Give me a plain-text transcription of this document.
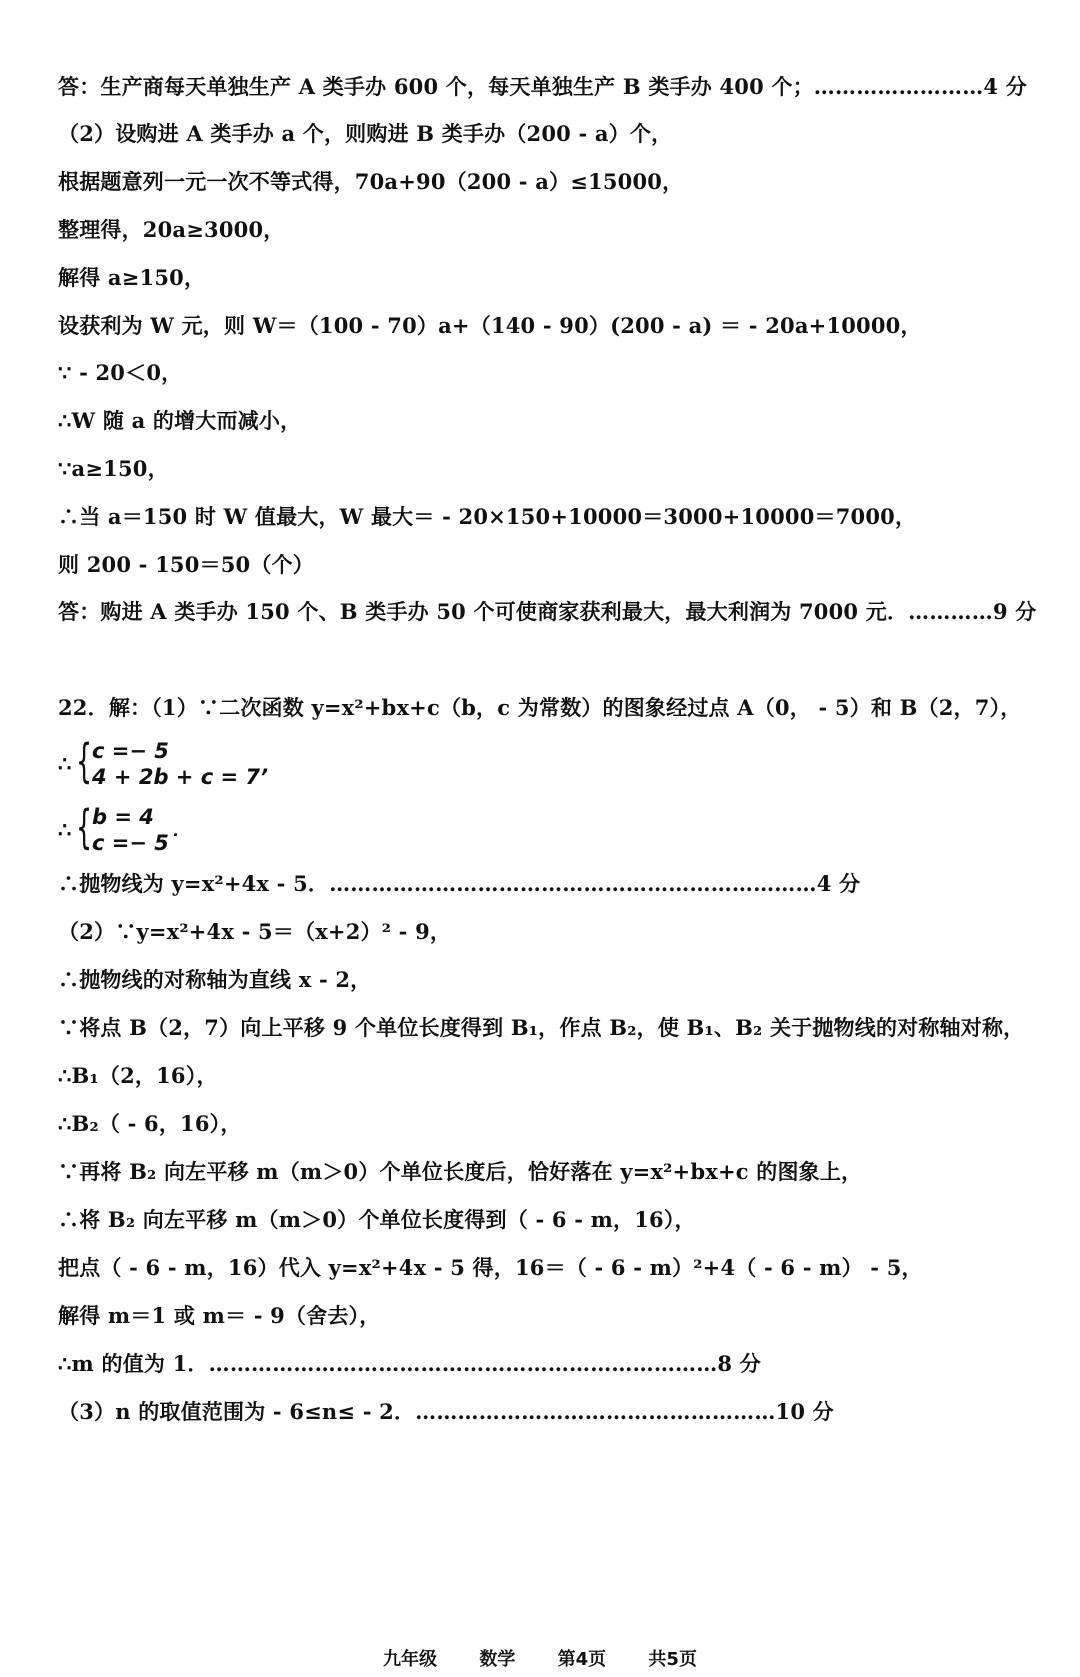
答：生产商每天单独生产 A 类手办 600 个，每天单独生产 B 类手办 400 个；……………………4 分
（2）设购进 A 类手办 a 个，则购进 B 类手办（200 - a）个，
根据题意列一元一次不等式得，70a+90（200 - a）≤15000，
整理得，20a≥3000，
解得 a≥150，
设获利为 W 元，则 W＝（100 - 70）a+（140 - 90）(200 - a) ＝ - 20a+10000，
∵ - 20＜0，
∴W 随 a 的增大而减小，
∵a≥150，
∴当 a＝150 时 W 值最大，W 最大＝ - 20×150+10000＝3000+10000＝7000，
则 200 - 150＝50（个）
答：购进 A 类手办 150 个、B 类手办 50 个可使商家获利最大，最大利润为 7000 元．…………9 分
22．解：（1）∵二次函数 y=x²+bx+c（b，c 为常数）的图象经过点 A（0， - 5）和 B（2，7），
∴ { c =− 5
4 + 2b + c = 7’
∴ { b = 4
c =− 5˙
∴抛物线为 y=x²+4x - 5．……………………………………………………………4 分
（2）∵y=x²+4x - 5＝（x+2）² - 9，
∴抛物线的对称轴为直线 x - 2，
∵将点 B（2，7）向上平移 9 个单位长度得到 B₁，作点 B₂，使 B₁、B₂ 关于抛物线的对称轴对称，
∴B₁（2，16），
∴B₂（ - 6，16），
∵再将 B₂ 向左平移 m（m＞0）个单位长度后，恰好落在 y=x²+bx+c 的图象上，
∴将 B₂ 向左平移 m（m＞0）个单位长度得到（ - 6 - m，16），
把点（ - 6 - m，16）代入 y=x²+4x - 5 得，16＝（ - 6 - m）²+4（ - 6 - m） - 5，
解得 m＝1 或 m＝ - 9（舍去），
∴m 的值为 1．………………………………………………………………8 分
（3）n 的取值范围为 - 6≤n≤ - 2．……………………………………………10 分
九年级 数学 第4页 共5页
